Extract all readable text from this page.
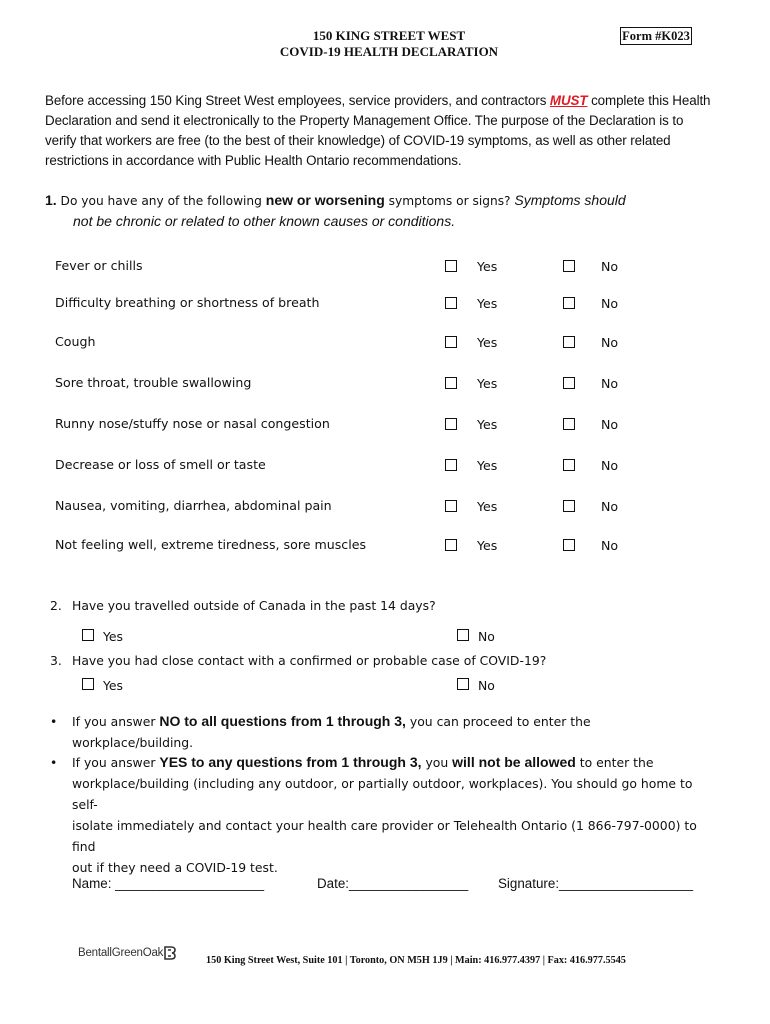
150 KING STREET WEST
COVID-19 HEALTH DECLARATION
Form #K023
Before accessing 150 King Street West employees, service providers, and contractors MUST complete this Health Declaration and send it electronically to the Property Management Office. The purpose of the Declaration is to verify that workers are free (to the best of their knowledge) of COVID-19 symptoms, as well as other related restrictions in accordance with Public Health Ontario recommendations.
1. Do you have any of the following new or worsening symptoms or signs? Symptoms should
not be chronic or related to other known causes or conditions.
Fever or chills	Yes	No
Difficulty breathing or shortness of breath	Yes	No
Cough	Yes	No
Sore throat, trouble swallowing	Yes	No
Runny nose/stuffy nose or nasal congestion	Yes	No
Decrease or loss of smell or taste	Yes	No
Nausea, vomiting, diarrhea, abdominal pain	Yes	No
Not feeling well, extreme tiredness, sore muscles	Yes	No
2. Have you travelled outside of Canada in the past 14 days?
Yes	No
3. Have you had close contact with a confirmed or probable case of COVID-19?
Yes	No
• If you answer NO to all questions from 1 through 3, you can proceed to enter the
workplace/building.
• If you answer YES to any questions from 1 through 3, you will not be allowed to enter the
workplace/building (including any outdoor, or partially outdoor, workplaces). You should go home to self-
isolate immediately and contact your health care provider or Telehealth Ontario (1 866-797-0000) to find
out if they need a COVID-19 test.
Name: ____________________	Date:________________ Signature:__________________
BentallGreenOak
150 King Street West, Suite 101 | Toronto, ON M5H 1J9 | Main: 416.977.4397 | Fax: 416.977.5545
